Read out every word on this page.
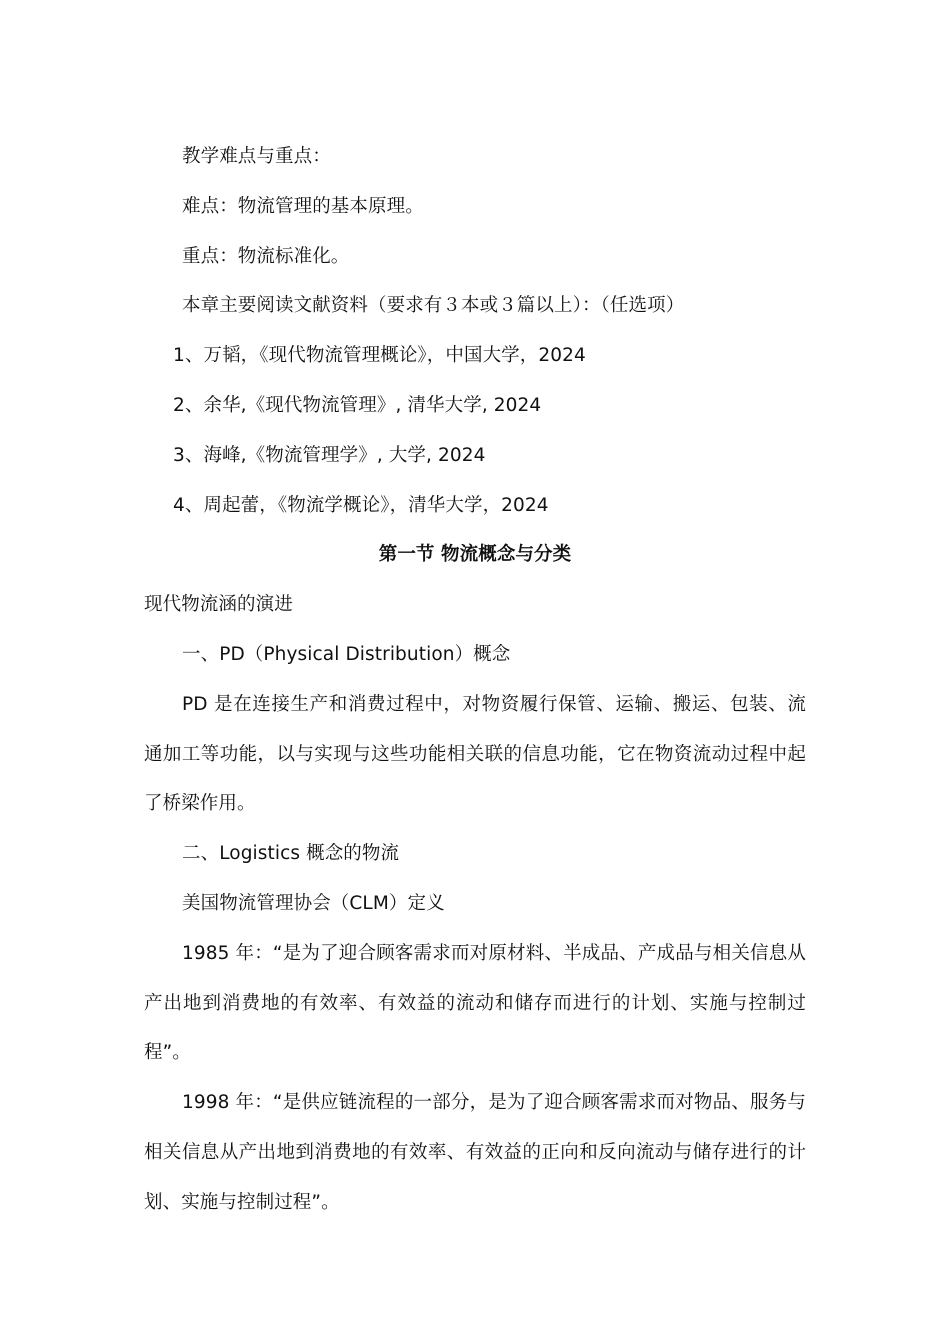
教学难点与重点：
难点：物流管理的基本原理。
重点：物流标准化。
本章主要阅读文献资料（要求有３本或３篇以上）：（任选项）
1、万韬，《现代物流管理概论》，中国大学，2024
2、余华,《现代物流管理》, 清华大学, 2024
3、海峰,《物流管理学》, 大学, 2024
4、周起蕾，《物流学概论》，清华大学，2024
第一节 物流概念与分类
现代物流涵的演进
一、PD（Physical Distribution）概念
PD 是在连接生产和消费过程中，对物资履行保管、运输、搬运、包装、流通加工等功能，以与实现与这些功能相关联的信息功能，它在物资流动过程中起了桥梁作用。
二、Logistics 概念的物流
美国物流管理协会（CLM）定义
1985 年：“是为了迎合顾客需求而对原材料、半成品、产成品与相关信息从产出地到消费地的有效率、有效益的流动和储存而进行的计划、实施与控制过程”。
1998 年：“是供应链流程的一部分，是为了迎合顾客需求而对物品、服务与相关信息从产出地到消费地的有效率、有效益的正向和反向流动与储存进行的计划、实施与控制过程”。
